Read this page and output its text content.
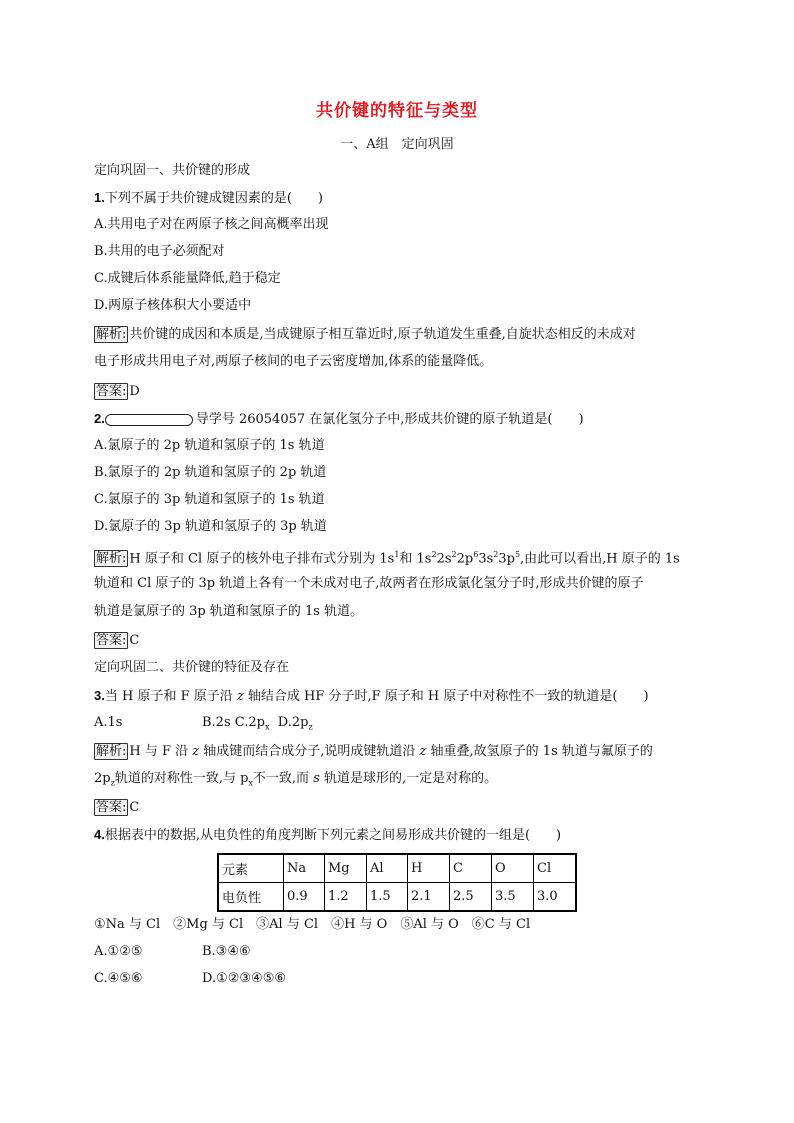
共价键的特征与类型
一、A组　定向巩固
定向巩固一、共价键的形成
1.下列不属于共价键成键因素的是(　　)
A.共用电子对在两原子核之间高概率出现
B.共用的电子必须配对
C.成键后体系能量降低,趋于稳定
D.两原子核体积大小要适中
解析: 共价键的成因和本质是,当成键原子相互靠近时,原子轨道发生重叠,自旋状态相反的未成对
电子形成共用电子对,两原子核间的电子云密度增加,体系的能量降低。
答案: D
2.	导学号 26054057 在氯化氢分子中,形成共价键的原子轨道是(　　)
A.氯原子的 2p 轨道和氢原子的 1s 轨道
B.氯原子的 2p 轨道和氢原子的 2p 轨道
C.氯原子的 3p 轨道和氢原子的 1s 轨道
D.氯原子的 3p 轨道和氢原子的 3p 轨道
解析: H 原子和 Cl 原子的核外电子排布式分别为 $1s^1$和 $1s^22s^22p^63s^23p^5$,由此可以看出,H 原子的 1s
轨道和 Cl 原子的 3p 轨道上各有一个未成对电子,故两者在形成氯化氢分子时,形成共价键的原子
轨道是氯原子的 3p 轨道和氢原子的 1s 轨道。
答案: C
定向巩固二、共价键的特征及存在
3.当 H 原子和 F 原子沿 z 轴结合成 HF 分子时,F 原子和 H 原子中对称性不一致的轨道是(　　)
A.1s	B.2s $C.2p_x$ $D.2p_z$
解析: H 与 F 沿 z 轴成键而结合成分子,说明成键轨道沿 z 轴重叠,故氢原子的 1s 轨道与氟原子的
$2p_z$轨道的对称性一致,与 $p_x$不一致,而 s 轨道是球形的,一定是对称的。
答案: C
4.根据表中的数据,从电负性的角度判断下列元素之间易形成共价键的一组是(　　)
元素	Na	Mg	Al	H	C	O	Cl
电负性	0.9	1.2	1.5	2.1	2.5	3.5	3.0
①Na 与 Cl　②Mg 与 Cl　③Al 与 Cl　④H 与 O　⑤Al 与 O　⑥C 与 Cl
A.①②⑤	B.③④⑥
C.④⑤⑥	D.①②③④⑤⑥
